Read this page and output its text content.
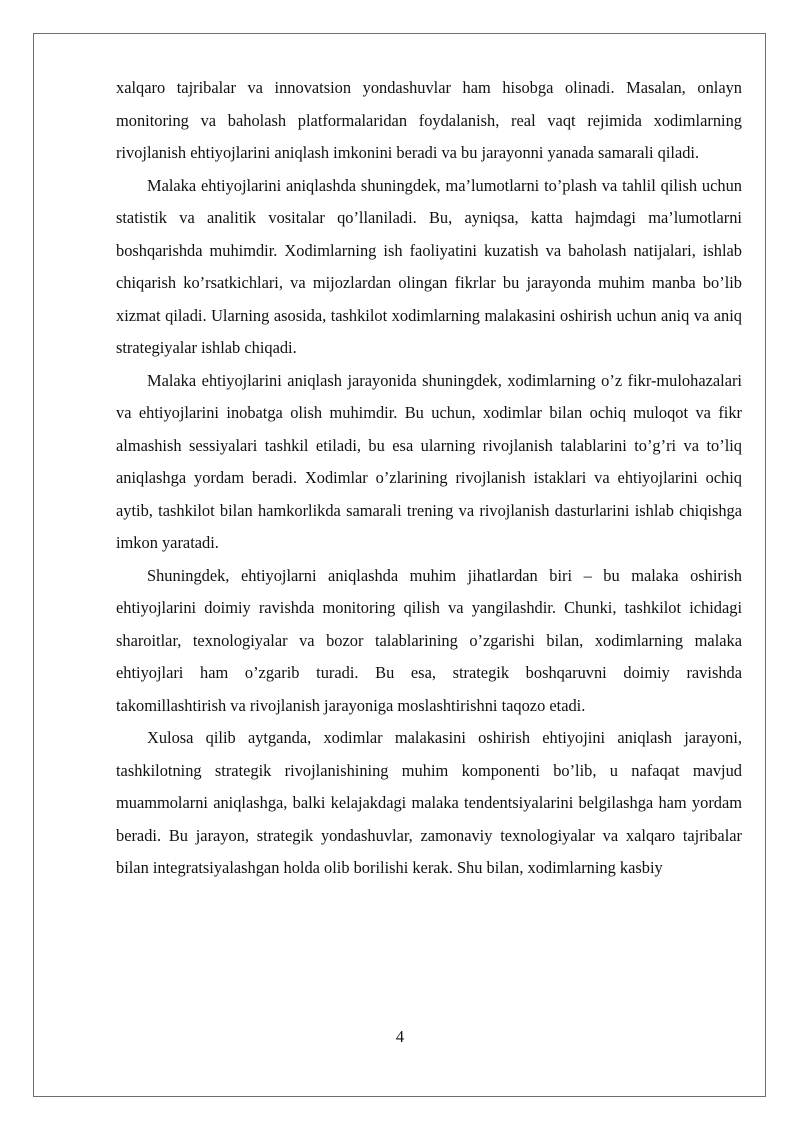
xalqaro tajribalar va innovatsion yondashuvlar ham hisobga olinadi. Masalan, onlayn monitoring va baholash platformalaridan foydalanish, real vaqt rejimida xodimlarning rivojlanish ehtiyojlarini aniqlash imkonini beradi va bu jarayonni yanada samarali qiladi.

Malaka ehtiyojlarini aniqlashda shuningdek, ma’lumotlarni to’plash va tahlil qilish uchun statistik va analitik vositalar qo’llaniladi. Bu, ayniqsa, katta hajmdagi ma’lumotlarni boshqarishda muhimdir. Xodimlarning ish faoliyatini kuzatish va baholash natijalari, ishlab chiqarish ko’rsatkichlari, va mijozlardan olingan fikrlar bu jarayonda muhim manba bo’lib xizmat qiladi. Ularning asosida, tashkilot xodimlarning malakasini oshirish uchun aniq va aniq strategiyalar ishlab chiqadi.

Malaka ehtiyojlarini aniqlash jarayonida shuningdek, xodimlarning o’z fikr-mulohazalari va ehtiyojlarini inobatga olish muhimdir. Bu uchun, xodimlar bilan ochiq muloqot va fikr almashish sessiyalari tashkil etiladi, bu esa ularning rivojlanish talablarini to’g’ri va to’liq aniqlashga yordam beradi. Xodimlar o’zlarining rivojlanish istaklari va ehtiyojlarini ochiq aytib, tashkilot bilan hamkorlikda samarali trening va rivojlanish dasturlarini ishlab chiqishga imkon yaratadi.

Shuningdek, ehtiyojlarni aniqlashda muhim jihatlardan biri – bu malaka oshirish ehtiyojlarini doimiy ravishda monitoring qilish va yangilashdir. Chunki, tashkilot ichidagi sharoitlar, texnologiyalar va bozor talablarining o’zgarishi bilan, xodimlarning malaka ehtiyojlari ham o’zgarib turadi. Bu esa, strategik boshqaruvni doimiy ravishda takomillashtirish va rivojlanish jarayoniga moslashtirishni taqozo etadi.

Xulosa qilib aytganda, xodimlar malakasini oshirish ehtiyojini aniqlash jarayoni, tashkilotning strategik rivojlanishining muhim komponenti bo’lib, u nafaqat mavjud muammolarni aniqlashga, balki kelajakdagi malaka tendentsiyalarini belgilashga ham yordam beradi. Bu jarayon, strategik yondashuvlar, zamonaviy texnologiyalar va xalqaro tajribalar bilan integratsiyalashgan holda olib borilishi kerak. Shu bilan, xodimlarning kasbiy

4
